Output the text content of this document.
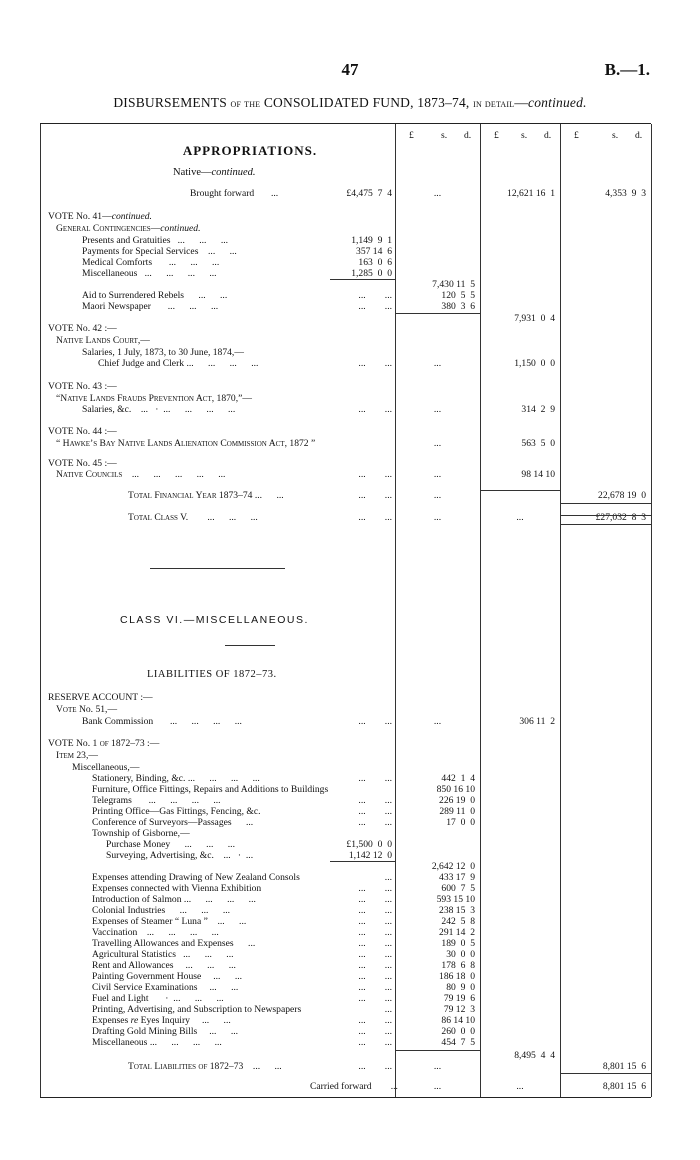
47	B.—1.
DISBURSEMENTS of the CONSOLIDATED FUND, 1873–74, in detail—continued.
£	s. d. £ s. d. £	s. d.
APPROPRIATIONS.
Native—continued.
Brought forward       ...	£4,475  7  4	...	12,621 16  1	4,353  9  3
VOTE No. 41—continued.
General Contingencies—continued.
Presents and Gratuities   ...      ...      ...	1,149  9  1
Payments for Special Services    ...      ...	357 14  6
Medical Comforts       ...      ...      ...	163  0  6
Miscellaneous   ...      ...      ...      ...	1,285  0  0
7,430 11  5
Aid to Surrendered Rebels      ...      ...	...        ...	120  5  5
Maori Newspaper       ...      ...      ...	...        ...	380  3  6
7,931  0  4
VOTE No. 42 :—
Native Lands Court,—
Salaries, 1 July, 1873, to 30 June, 1874,—
Chief Judge and Clerk ...      ...      ...      ...	...        ...	...	1,150  0  0
VOTE No. 43 :—
“Native Lands Frauds Prevention Act, 1870,”—
Salaries, &c.    ...   ·  ...      ...      ...      ...	...        ...	...	314  2  9
VOTE No. 44 :—
“ Hawke’s Bay Native Lands Alienation Commission Act, 1872 ”	...	563  5  0
VOTE No. 45 :—
Native Councils    ...      ...      ...      ...      ...	...        ...	...	98 14 10
Total Financial Year 1873–74 ...      ...	...        ...	...	22,678 19  0
Total Class V.        ...      ...      ...	...        ...	...	...	£27,032  8  3
CLASS VI.—MISCELLANEOUS.
LIABILITIES OF 1872–73.
RESERVE ACCOUNT :—
Vote No. 51,—
Bank Commission       ...      ...      ...      ...	...        ...	...	306 11  2
VOTE No. 1 of 1872–73 :—
Item 23,—
Miscellaneous,—
Stationery, Binding, &c. ...      ...      ...      ...	...        ...	442  1  4
Furniture, Office Fittings, Repairs and Additions to Buildings	850 16 10
Telegrams       ...      ...      ...      ...	...        ...	226 19  0
Printing Office—Gas Fittings, Fencing, &c.	...        ...	289 11  0
Conference of Surveyors—Passages      ...	...        ...	17  0  0
Township of Gisborne,—
Purchase Money      ...      ...      ...	£1,500  0  0
Surveying, Advertising, &c.    ...   ·  ...	1,142 12  0
2,642 12  0
Expenses attending Drawing of New Zealand Consols	...	433 17  9
Expenses connected with Vienna Exhibition	...        ...	600  7  5
Introduction of Salmon ...      ...      ...      ...	...        ...	593 15 10
Colonial Industries      ...      ...      ...	...        ...	238 15  3
Expenses of Steamer “ Luna ”    ...      ...	...        ...	242  5  8
Vaccination    ...      ...      ...      ...	...        ...	291 14  2
Travelling Allowances and Expenses      ...	...        ...	189  0  5
Agricultural Statistics   ...      ...      ...	...        ...	30  0  0
Rent and Allowances     ...      ...      ...	...        ...	178  6  8
Painting Government House     ...      ...	...        ...	186 18  0
Civil Service Examinations     ...      ...	...        ...	80  9  0
Fuel and Light       ·  ...      ...      ...	...        ...	79 19  6
Printing, Advertising, and Subscription to Newspapers	...	79 12  3
Expenses re Eyes Inquiry     ...      ...	...        ...	86 14 10
Drafting Gold Mining Bills     ...      ...	...        ...	260  0  0
Miscellaneous ...      ...      ...      ...	...        ...	454  7  5
8,495  4  4
Total Liabilities of 1872–73    ...      ...	...        ...	...	8,801 15  6
Carried forward        ...	...	...	8,801 15  6
